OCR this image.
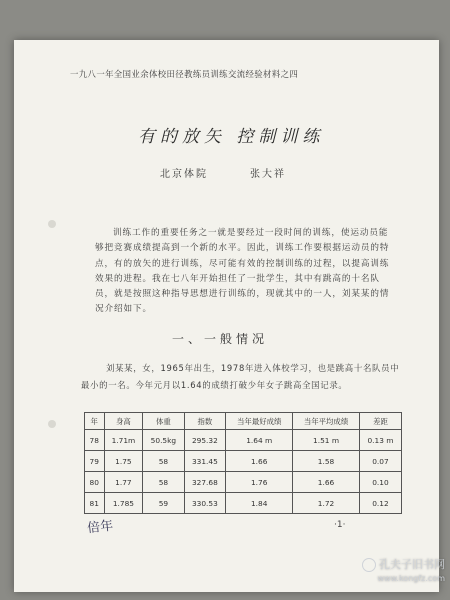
一九八一年全国业余体校田径教练员训练交流经验材料之四
有的放矢 控制训练
北京体院	张大祥
训练工作的重要任务之一就是要经过一段时间的训练，使运动员能够把竞赛成绩提高到一个新的水平。因此，训练工作要根据运动员的特点，有的放矢的进行训练，尽可能有效的控制训练的过程，以提高训练效果的进程。我在七八年开始担任了一批学生，其中有跳高的十名队员，就是按照这种指导思想进行训练的，现就其中的一人，刘某某的情况介绍如下。
一、一般情况
刘某某，女，1965年出生，1978年进入体校学习，也是跳高十名队员中最小的一名。今年元月以1.64的成绩打破少年女子跳高全国记录。
年	身高	体重	指数	当年最好成绩	当年平均成绩	差距
78	1.71m	50.5kg	295.32	1.64 m	1.51 m	0.13 m
79	1.75	58	331.45	1.66	1.58	0.07
80	1.77	58	327.68	1.76	1.66	0.10
81	1.785	59	330.53	1.84	1.72	0.12
倍年	·1·
孔夫子旧书网
www.kongfz.com
